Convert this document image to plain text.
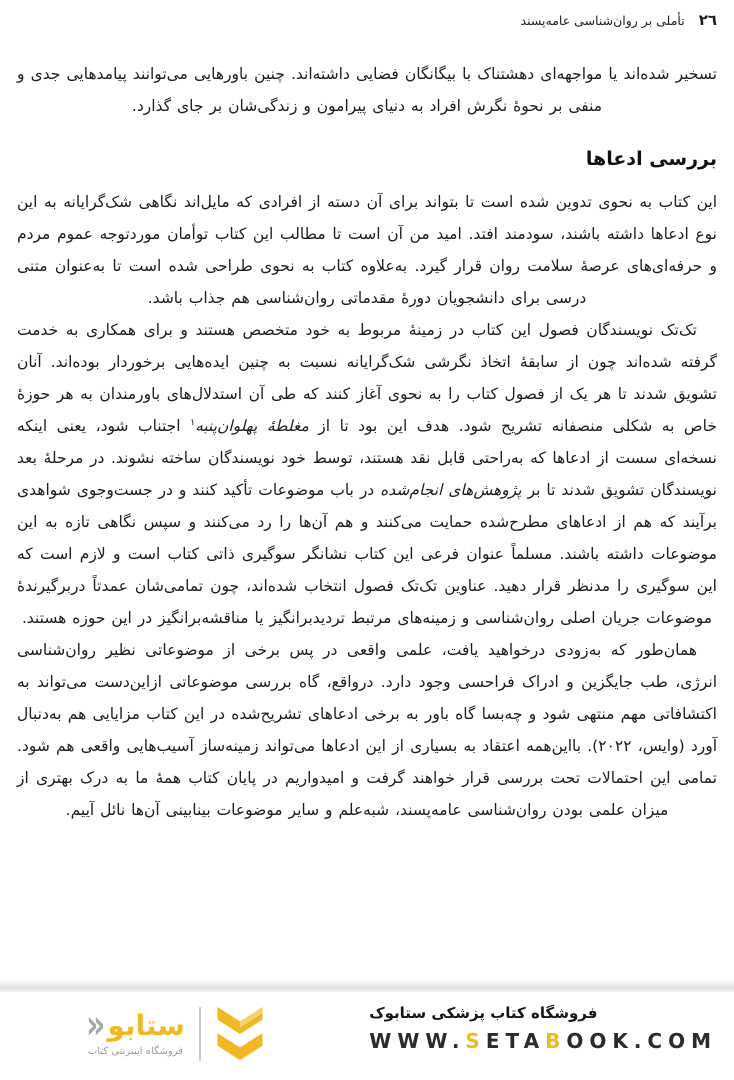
٢٦
تأملی بر روان‌شناسی عامه‌پسند

تسخیر شده‌اند یا مواجهه‌ای دهشتناک با بیگانگان فضایی داشته‌اند. چنین باورهایی می‌توانند پیامدهایی جدی و منفی بر نحوهٔ نگرش افراد به دنیای پیرامون و زندگی‌شان بر جای گذارد.

بررسی ادعاها

این کتاب به نحوی تدوین شده است تا بتواند برای آن دسته از افرادی که مایل‌اند نگاهی شک‌گرایانه به این نوع ادعاها داشته باشند، سودمند افتد. امید من آن است تا مطالب این کتاب توأمان موردتوجه عموم مردم و حرفه‌ای‌های عرصهٔ سلامت روان قرار گیرد. به‌علاوه کتاب به نحوی طراحی شده است تا به‌عنوان متنی درسی برای دانشجویان دورهٔ مقدماتی روان‌شناسی هم جذاب باشد.

تک‌تک نویسندگان فصول این کتاب در زمینهٔ مربوط به خود متخصص هستند و برای همکاری به خدمت گرفته شده‌اند چون از سابقهٔ اتخاذ نگرشی شک‌گرایانه نسبت به چنین ایده‌هایی برخوردار بوده‌اند. آنان تشویق شدند تا هر یک از فصول کتاب را به نحوی آغاز کنند که طی آن استدلال‌های باورمندان به هر حوزهٔ خاص به شکلی منصفانه تشریح شود. هدف این بود تا از مغلطهٔ پهلوان‌پنبه$^۱$ اجتناب شود، یعنی اینکه نسخه‌ای سست از ادعاها که به‌راحتی قابل نقد هستند، توسط خود نویسندگان ساخته نشوند. در مرحلهٔ بعد نویسندگان تشویق شدند تا بر پژوهش‌های انجام‌شده در باب موضوعات تأکید کنند و در جست‌وجوی شواهدی برآیند که هم از ادعاهای مطرح‌شده حمایت می‌کنند و هم آن‌ها را رد می‌کنند و سپس نگاهی تازه به این موضوعات داشته باشند. مسلماً عنوان فرعی این کتاب نشانگر سوگیری ذاتی کتاب است و لازم است که این سوگیری را مدنظر قرار دهید. عناوین تک‌تک فصول انتخاب شده‌اند، چون تمامی‌شان عمدتاً دربرگیرندهٔ موضوعات جریان اصلی روان‌شناسی و زمینه‌های مرتبط تردیدبرانگیز یا مناقشه‌برانگیز در این حوزه هستند.

همان‌طور که به‌زودی درخواهید یافت، علمی واقعی در پس برخی از موضوعاتی نظیر روان‌شناسی انرژی، طب جایگزین و ادراک فراحسی وجود دارد. درواقع، گاه بررسی موضوعاتی ازاین‌دست می‌تواند به اکتشافاتی مهم منتهی شود و چه‌بسا گاه باور به برخی ادعاهای تشریح‌شده در این کتاب مزایایی هم به‌دنبال آورد (وایس، ۲۰۲۲). بااین‌همه اعتقاد به بسیاری از این ادعاها می‌تواند زمینه‌ساز آسیب‌هایی واقعی هم شود. تمامی این احتمالات تحت بررسی قرار خواهند گرفت و امیدواریم در پایان کتاب همهٔ ما به درک بهتری از میزان علمی بودن روان‌شناسی عامه‌پسند، شبه‌علم و سایر موضوعات بینابینی آن‌ها نائل آییم.

فروشگاه کتاب پزشکی ستابوک
WWW.SETABOOK.COM
ستابو
«
فروشگاه اینترنتی کتاب
